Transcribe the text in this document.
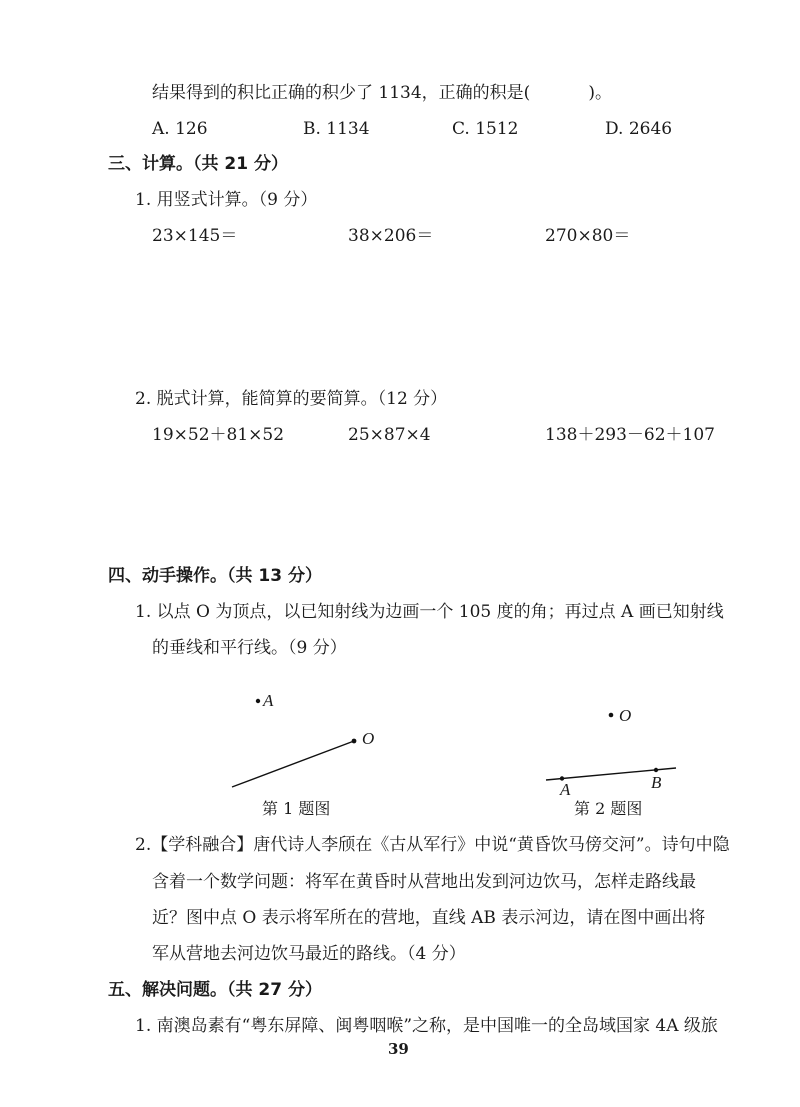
结果得到的积比正确的积少了 1134，正确的积是(	)。
A. 126	B. 1134	C. 1512	D. 2646
三、计算。（共 21 分）
1. 用竖式计算。（9 分）
23×145＝	38×206＝	270×80＝
2. 脱式计算，能简算的要简算。（12 分）
19×52＋81×52	25×87×4	138＋293－62＋107
四、动手操作。（共 13 分）
1. 以点 O 为顶点，以已知射线为边画一个 105 度的角；再过点 A 画已知射线
的垂线和平行线。（9 分）
A
O
第 1 题图
O
A	B
第 2 题图
2.【学科融合】唐代诗人李颀在《古从军行》中说“黄昏饮马傍交河”。诗句中隐
含着一个数学问题：将军在黄昏时从营地出发到河边饮马，怎样走路线最
近？图中点 O 表示将军所在的营地，直线 AB 表示河边，请在图中画出将
军从营地去河边饮马最近的路线。（4 分）
五、解决问题。（共 27 分）
1. 南澳岛素有“粤东屏障、闽粤咽喉”之称，是中国唯一的全岛域国家 4A 级旅
39
